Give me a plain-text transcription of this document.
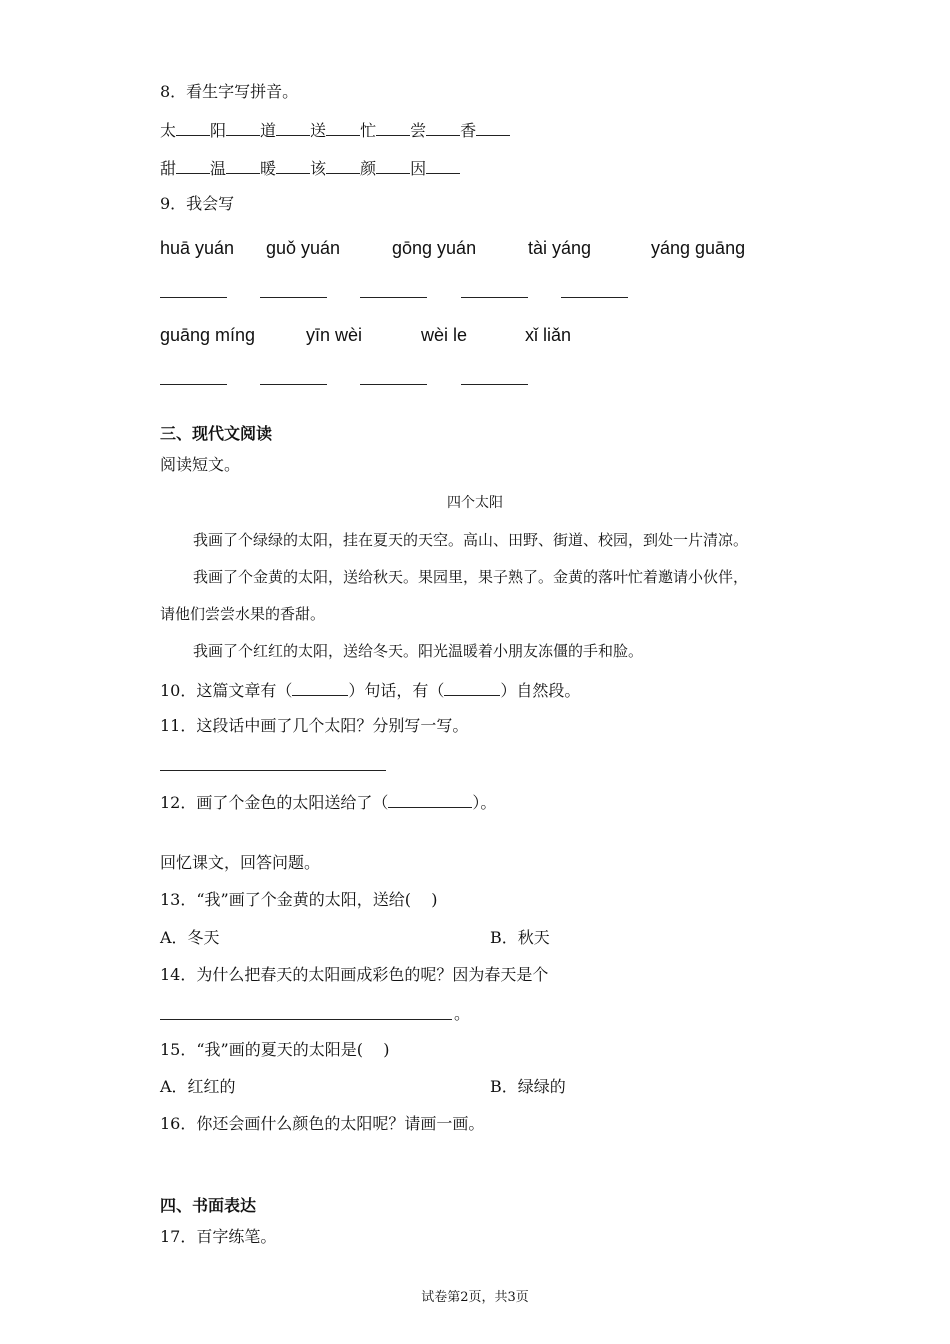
8．看生字写拼音。
太 阳 道 送 忙 尝 香
甜 温 暖 该 颜 因
9．我会写
huā yuán guǒ yuán	gōng yuán	tài yáng	yáng guāng
guāng míng	yīn wèi	wèi le	xǐ liǎn
三、现代文阅读
阅读短文。
四个太阳
我画了个绿绿的太阳，挂在夏天的天空。高山、田野、街道、校园，到处一片清凉。
我画了个金黄的太阳，送给秋天。果园里，果子熟了。金黄的落叶忙着邀请小伙伴，
请他们尝尝水果的香甜。
我画了个红红的太阳，送给冬天。阳光温暖着小朋友冻僵的手和脸。
10．这篇文章有（	）句话，有（	）自然段。
11．这段话中画了几个太阳？分别写一写。
12．画了个金色的太阳送给了（	）。
回忆课文，回答问题。
13．“我”画了个金黄的太阳，送给(    )
A．冬天	B．秋天
14．为什么把春天的太阳画成彩色的呢？因为春天是个
。
15．“我”画的夏天的太阳是(    )
A．红红的	B．绿绿的
16．你还会画什么颜色的太阳呢？请画一画。
四、书面表达
17．百字练笔。
试卷第2页，共3页
